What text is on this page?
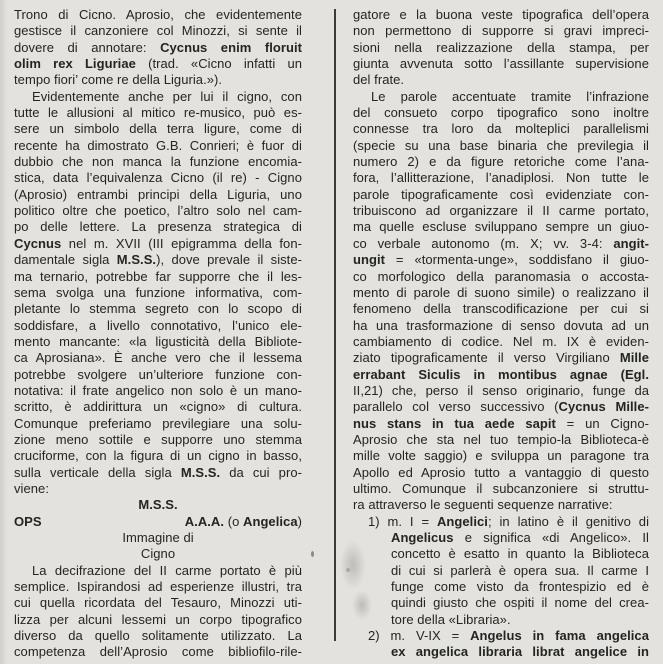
Trono di Cicno. Aprosio, che evidentemente
gestisce il canzoniere col Minozzi, si sente il
dovere di annotare: Cycnus enim floruit
olim rex Liguriae (trad. «Cicno infatti un
tempo fiori’ come re della Liguria.»).
Evidentemente anche per lui il cigno, con
tutte le allusioni al mitico re-musico, può es-
sere un simbolo della terra ligure, come di
recente ha dimostrato G.B. Conrieri; è fuor di
dubbio che non manca la funzione encomia-
stica, data l’equivalenza Cicno (il re) - Cigno
(Aprosio) entrambi principi della Liguria, uno
politico oltre che poetico, l’altro solo nel cam-
po delle lettere. La presenza strategica di
Cycnus nel m. XVII (III epigramma della fon-
damentale sigla M.S.S.), dove prevale il siste-
ma ternario, potrebbe far supporre che il les-
sema svolga una funzione informativa, com-
pletante lo stemma segreto con lo scopo di
soddisfare, a livello connotativo, l’unico ele-
mento mancante: «la ligusticità della Bibliote-
ca Aprosiana». È anche vero che il lessema
potrebbe svolgere un’ulteriore funzione con-
notativa: il frate angelico non solo è un mano-
scritto, è addirittura un «cigno» di cultura.
Comunque preferiamo previlegiare una solu-
zione meno sottile e supporre uno stemma
cruciforme, con la figura di un cigno in basso,
sulla verticale della sigla M.S.S. da cui pro-
viene:
M.S.S.
OPS	A.A.A. (o Angelica)
Immagine di
Cigno
La decifrazione del II carme portato è più
semplice. Ispirandosi ad esperienze illustri, tra
cui quella ricordata del Tesauro, Minozzi uti-
lizza per alcuni lessemi un corpo tipografico
diverso da quello solitamente utilizzato. La
competenza dell’Aprosio come bibliofilo-rile-
gatore e la buona veste tipografica dell’opera
non permettono di supporre si gravi impreci-
sioni nella realizzazione della stampa, per
giunta avvenuta sotto l’assillante supervisione
del frate.
Le parole accentuate tramite l’infrazione
del consueto corpo tipografico sono inoltre
connesse tra loro da molteplici parallelismi
(specie su una base binaria che previlegia il
numero 2) e da figure retoriche come l’ana-
fora, l’allitterazione, l’anadiplosi. Non tutte le
parole tipograficamente così evidenziate con-
tribuiscono ad organizzare il II carme portato,
ma quelle escluse sviluppano sempre un giuo-
co verbale autonomo (m. X; vv. 3-4: angit-
ungit = «tormenta-unge», soddisfano il giuo-
co morfologico della paranomasia o accosta-
mento di parole di suono simile) o realizzano il
fenomeno della transcodificazione per cui si
ha una trasformazione di senso dovuta ad un
cambiamento di codice. Nel m. IX è eviden-
ziato tipograficamente il verso Virgiliano Mille
errabant Siculis in montibus agnae (Egl.
II,21) che, perso il senso originario, funge da
parallelo col verso successivo (Cycnus Mille-
nus stans in tua aede sapit = un Cigno-
Aprosio che sta nel tuo tempio-la Biblioteca-è
mille volte saggio) e sviluppa un paragone tra
Apollo ed Aprosio tutto a vantaggio di questo
ultimo. Comunque il subcanzoniere si struttu-
ra attraverso le seguenti sequenze narrative:
1) m. I = Angelici; in latino è il genitivo di
Angelicus e significa «di Angelico». Il
concetto è esatto in quanto la Biblioteca
di cui si parlerà è opera sua. Il carme I
funge come visto da frontespizio ed è
quindi giusto che ospiti il nome del crea-
tore della «Libraria».
2) m. V-IX = Angelus in fama angelica
ex angelica libraria librat angelice in
